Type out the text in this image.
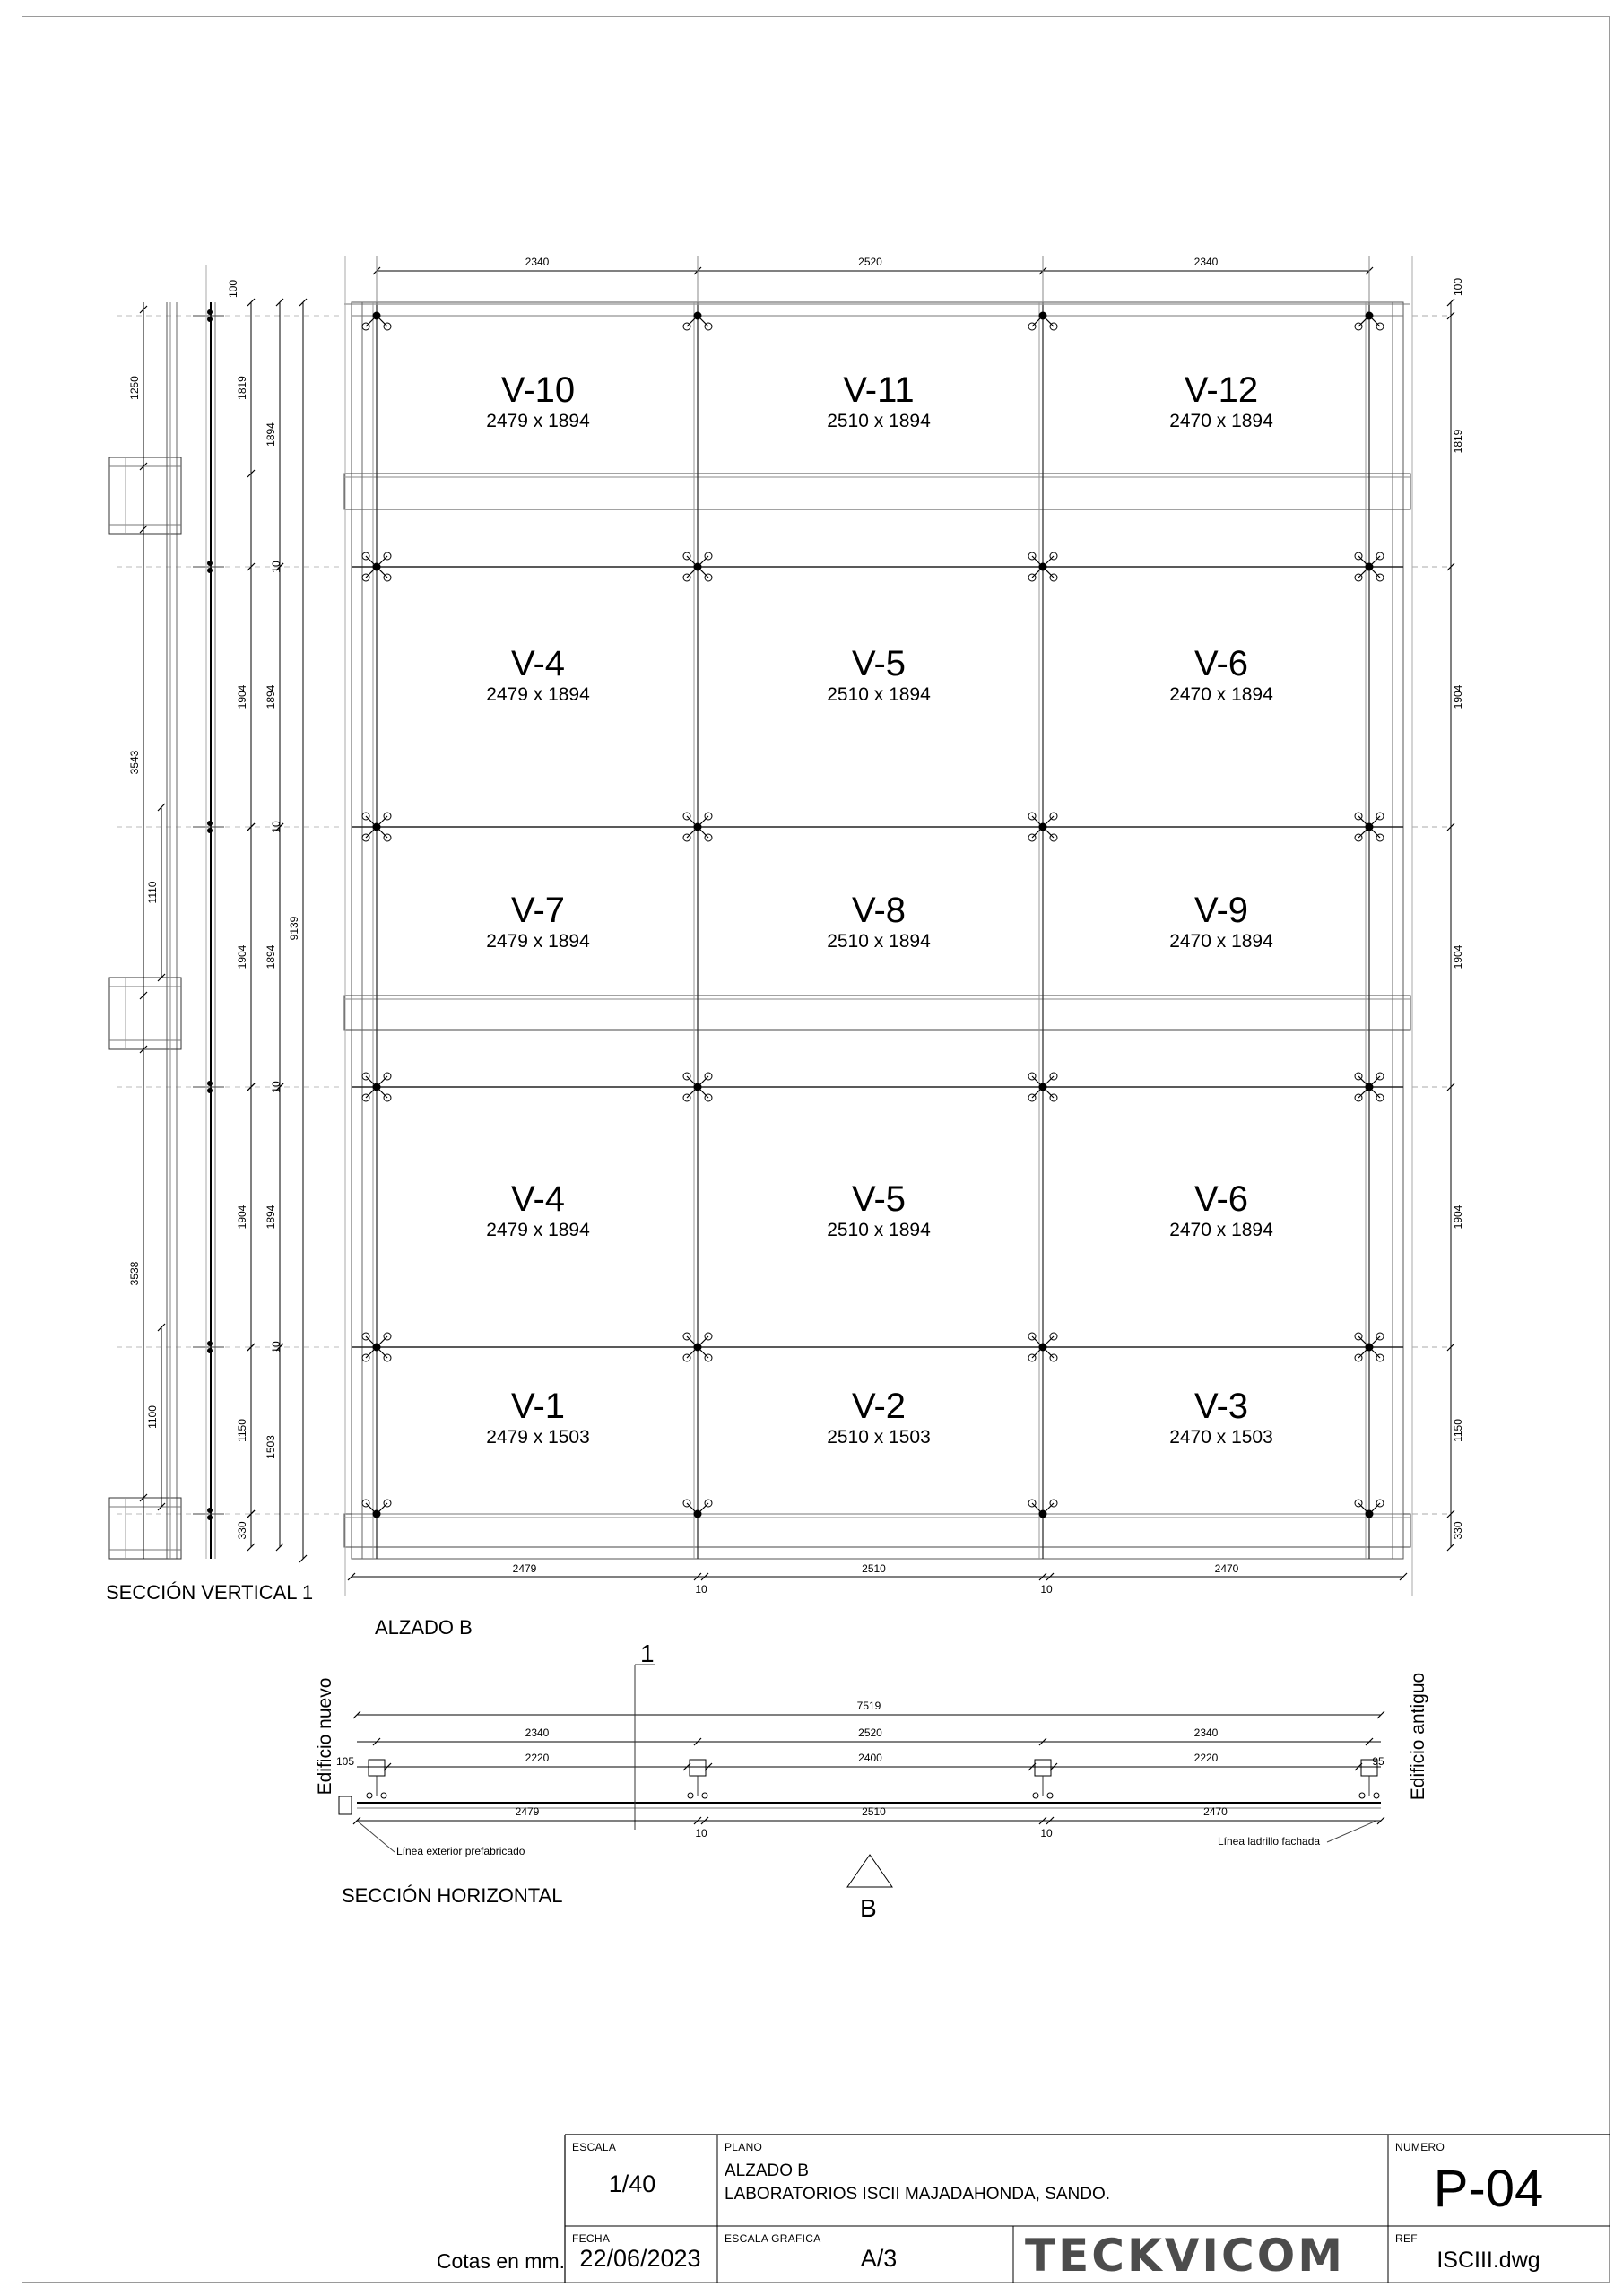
2340	2520	2340
2479
10
2510
10
2470
100
1819
1904
1904
1904
1150
330
1250
3543
1110
3538
1100
1819
1904
1904
1904
1150
330
10
10
10
10
1894
1894
1894
1894
1503
9139
100
7519
2340	2520	2340
2220	2400	2220
105	95
2479
10
2510
10
2470
V-10
2479 x 1894
V-11
2510 x 1894
V-12
2470 x 1894
V-4
2479 x 1894
V-5
2510 x 1894
V-6
2470 x 1894
V-7
2479 x 1894
V-8
2510 x 1894
V-9
2470 x 1894
V-4
2479 x 1894
V-5
2510 x 1894
V-6
2470 x 1894
V-1
2479 x 1503
V-2
2510 x 1503
V-3
2470 x 1503
SECCIÓN VERTICAL 1
ALZADO B
SECCIÓN HORIZONTAL
1
B
Edificio nuevo	Edificio antiguo
Línea exterior prefabricado
Línea ladrillo fachada
ESCALA
1/40
PLANO
ALZADO B
LABORATORIOS ISCII MAJADAHONDA, SANDO.
NUMERO
P-04
FECHA
22/06/2023
ESCALA GRAFICA
A/3	TECKVICOM	REF
ISCIII.dwg
Cotas en mm.
